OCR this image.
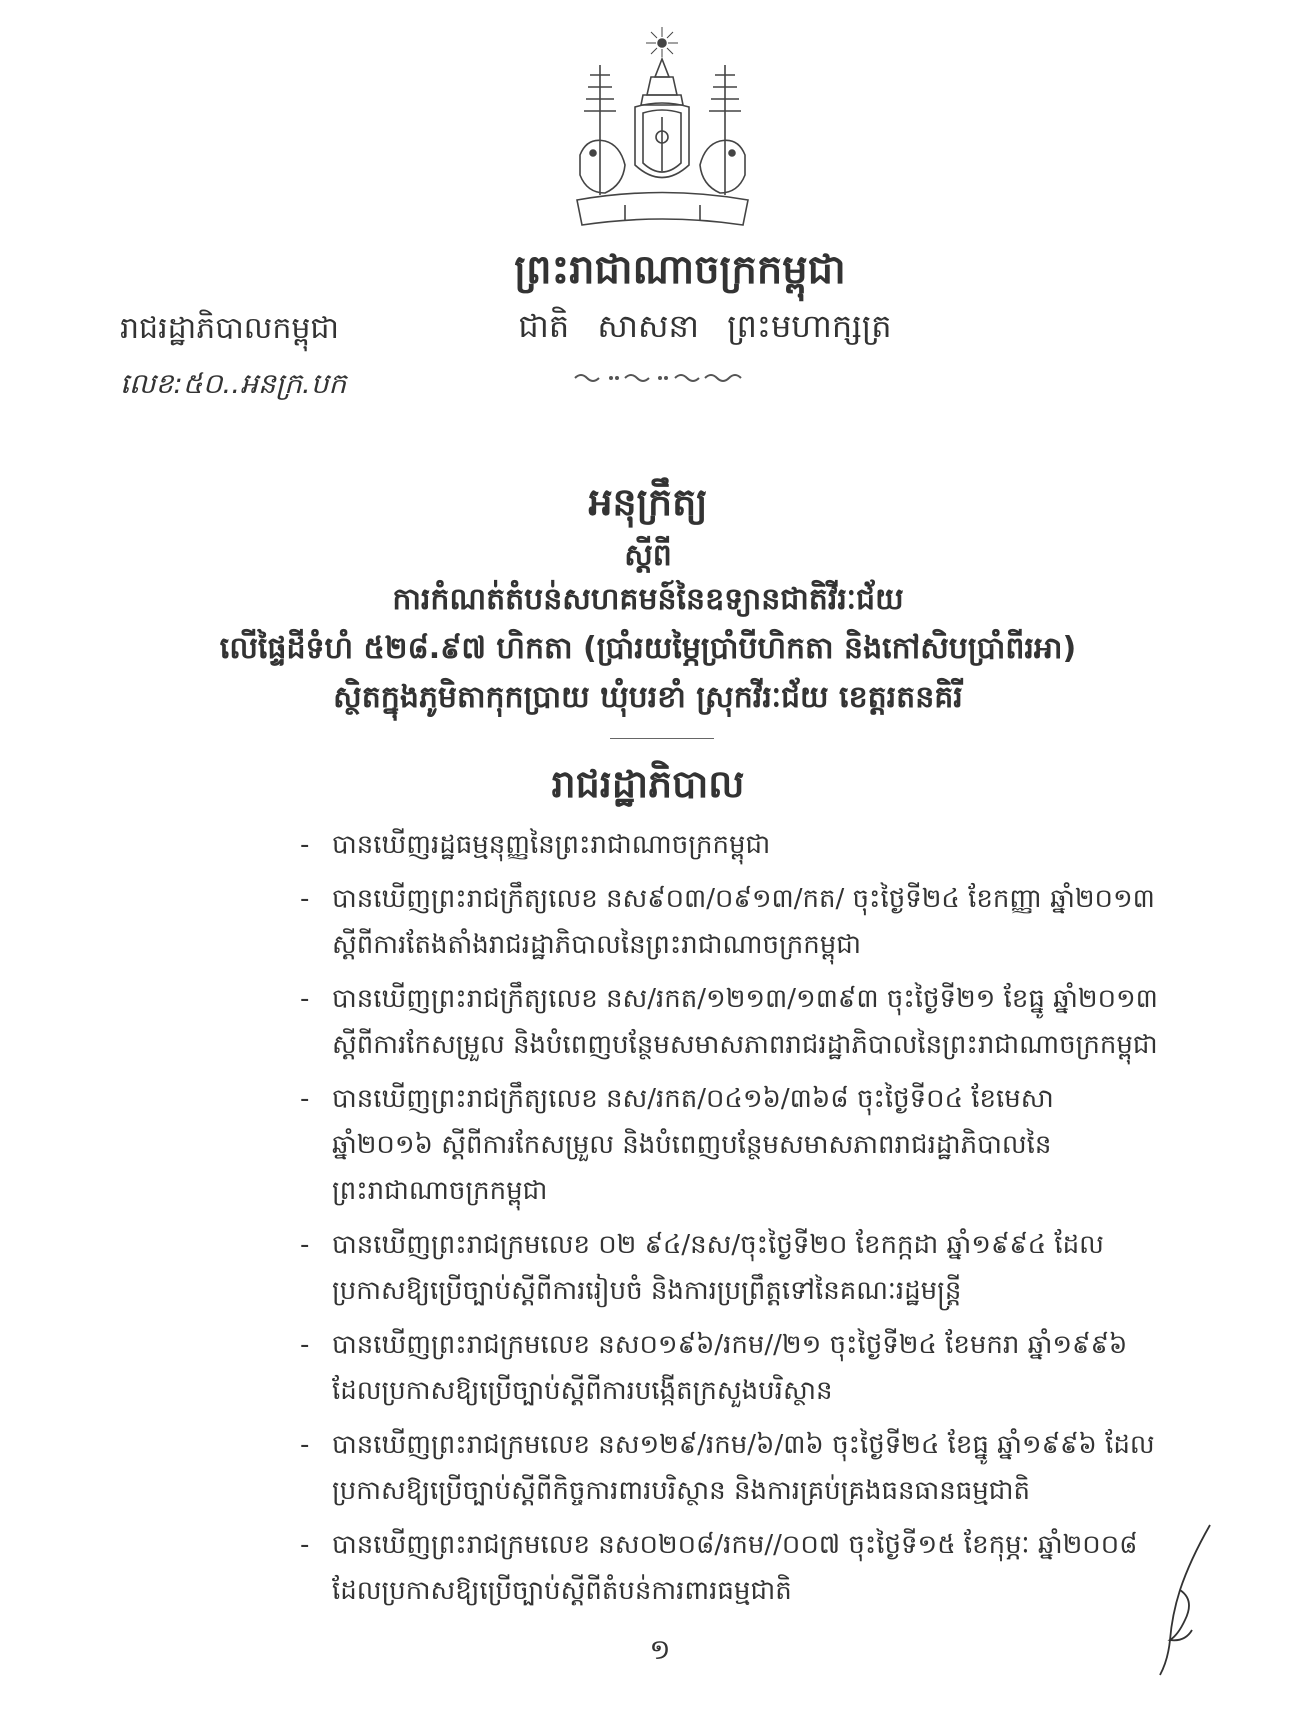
ព្រះរាជាណាចក្រកម្ពុជា
ជាតិ សាសនា ព្រះមហាក្សត្រ
រាជរដ្ឋាភិបាលកម្ពុជា
លេខ:៥០..អនក្រ.បក
អនុក្រឹត្យ
ស្តីពី
ការកំណត់តំបន់សហគមន៍នៃឧទ្យានជាតិវីរៈជ័យ
លើផ្ទៃដីទំហំ ៥២៨.៩៧ ហិកតា (ប្រាំរយម្ភៃប្រាំបីហិកតា និងកៅសិបប្រាំពីរអា)
ស្ថិតក្នុងភូមិតាកុកប្រាយ ឃុំបរខាំ ស្រុកវីរៈជ័យ ខេត្តរតនគិរី
រាជរដ្ឋាភិបាល
- បានឃើញរដ្ឋធម្មនុញ្ញនៃព្រះរាជាណាចក្រកម្ពុជា
- បានឃើញព្រះរាជក្រឹត្យលេខ នស៩០៣/០៩១៣/កត/ ចុះថ្ងៃទី២៤ ខែកញ្ញា ឆ្នាំ២០១៣ ស្តីពីការតែងតាំងរាជរដ្ឋាភិបាលនៃព្រះរាជាណាចក្រកម្ពុជា
- បានឃើញព្រះរាជក្រឹត្យលេខ នស/រកត/១២១៣/១៣៩៣ ចុះថ្ងៃទី២១ ខែធ្នូ ឆ្នាំ២០១៣ ស្តីពីការកែសម្រួល និងបំពេញបន្ថែមសមាសភាពរាជរដ្ឋាភិបាលនៃព្រះរាជាណាចក្រកម្ពុជា
- បានឃើញព្រះរាជក្រឹត្យលេខ នស/រកត/០៤១៦/៣៦៨ ចុះថ្ងៃទី០៤ ខែមេសា ឆ្នាំ២០១៦ ស្តីពីការកែសម្រួល និងបំពេញបន្ថែមសមាសភាពរាជរដ្ឋាភិបាលនៃព្រះរាជាណាចក្រកម្ពុជា
- បានឃើញព្រះរាជក្រមលេខ ០២ ៩៤/នស/ចុះថ្ងៃទី២០ ខែកក្កដា ឆ្នាំ១៩៩៤ ដែលប្រកាសឱ្យប្រើច្បាប់ស្តីពីការរៀបចំ និងការប្រព្រឹត្តទៅនៃគណៈរដ្ឋមន្ត្រី
- បានឃើញព្រះរាជក្រមលេខ នស០១៩៦/រកម//២១ ចុះថ្ងៃទី២៤ ខែមករា ឆ្នាំ១៩៩៦ ដែលប្រកាសឱ្យប្រើច្បាប់ស្តីពីការបង្កើតក្រសួងបរិស្ថាន
- បានឃើញព្រះរាជក្រមលេខ នស១២៩/រកម/៦/៣៦ ចុះថ្ងៃទី២៤ ខែធ្នូ ឆ្នាំ១៩៩៦ ដែលប្រកាសឱ្យប្រើច្បាប់ស្តីពីកិច្ចការពារបរិស្ថាន និងការគ្រប់គ្រងធនធានធម្មជាតិ
- បានឃើញព្រះរាជក្រមលេខ នស០២០៨/រកម//០០៧ ចុះថ្ងៃទី១៥ ខែកុម្ភៈ ឆ្នាំ២០០៨ ដែលប្រកាសឱ្យប្រើច្បាប់ស្តីពីតំបន់ការពារធម្មជាតិ
១
